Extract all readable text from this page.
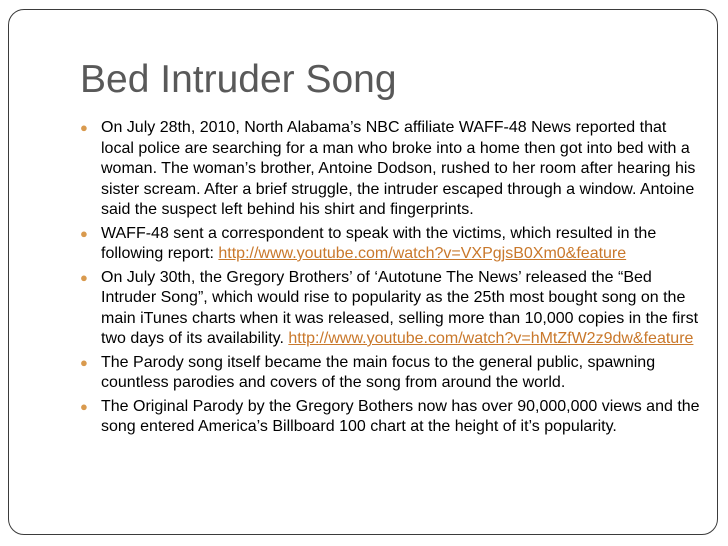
Bed Intruder Song
● On July 28th, 2010, North Alabama’s NBC affiliate WAFF-48 News reported that local police are searching for a man who broke into a home then got into bed with a woman. The woman’s brother, Antoine Dodson, rushed to her room after hearing his sister scream. After a brief struggle, the intruder escaped through a window. Antoine said the suspect left behind his shirt and fingerprints.
● WAFF-48 sent a correspondent to speak with the victims, which resulted in the following report: http://www.youtube.com/watch?v=VXPgjsB0Xm0&feature
● On July 30th, the Gregory Brothers’ of ‘Autotune The News’ released the “Bed Intruder Song”, which would rise to popularity as the 25th most bought song on the main iTunes charts when it was released, selling more than 10,000 copies in the first two days of its availability. http://www.youtube.com/watch?v=hMtZfW2z9dw&feature
● The Parody song itself became the main focus to the general public, spawning countless parodies and covers of the song from around the world.
● The Original Parody by the Gregory Bothers now has over 90,000,000 views and the song entered America’s Billboard 100 chart at the height of it’s popularity.
